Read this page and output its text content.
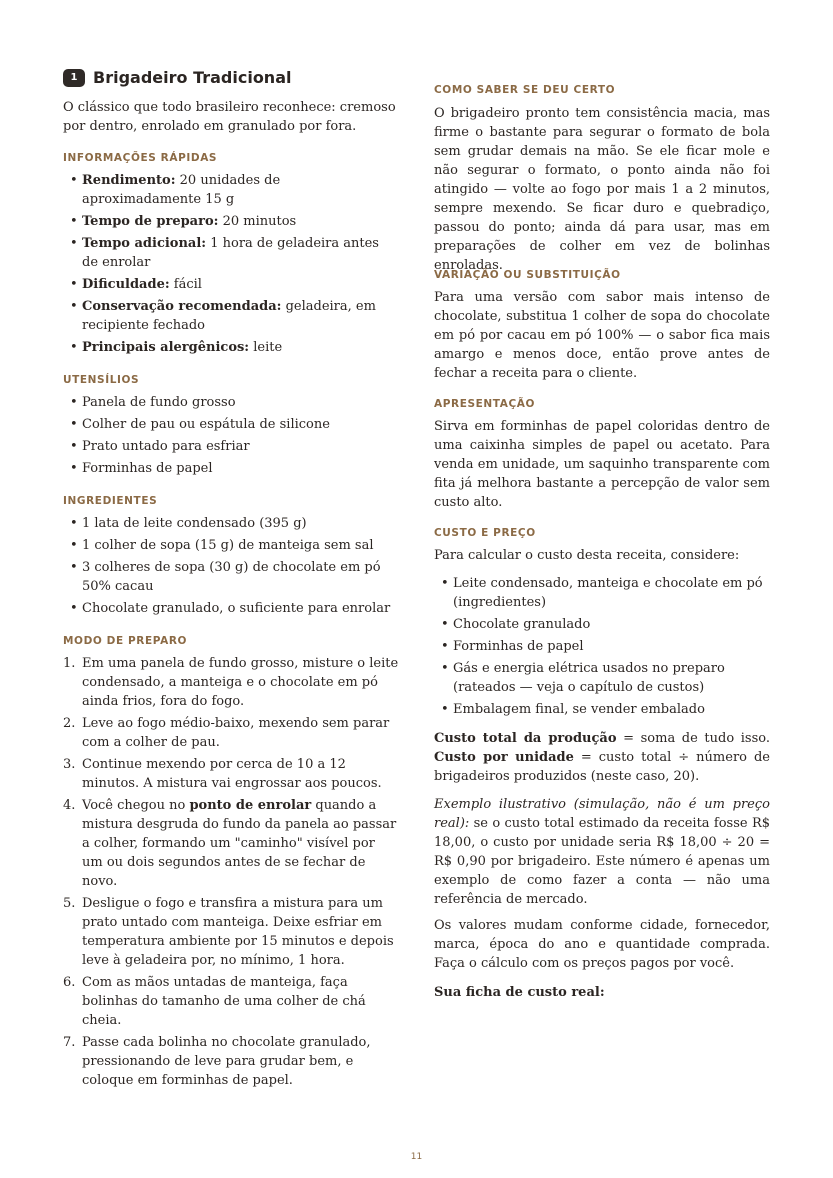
1 Brigadeiro Tradicional

O clássico que todo brasileiro reconhece: cremoso por dentro, enrolado em granulado por fora.

INFORMAÇÕES RÁPIDAS
• Rendimento: 20 unidades de aproximadamente 15 g
• Tempo de preparo: 20 minutos
• Tempo adicional: 1 hora de geladeira antes de enrolar
• Dificuldade: fácil
• Conservação recomendada: geladeira, em recipiente fechado
• Principais alergênicos: leite
UTENSÍLIOS
• Panela de fundo grosso
• Colher de pau ou espátula de silicone
• Prato untado para esfriar
• Forminhas de papel
INGREDIENTES
• 1 lata de leite condensado (395 g)
• 1 colher de sopa (15 g) de manteiga sem sal
• 3 colheres de sopa (30 g) de chocolate em pó 50% cacau
• Chocolate granulado, o suficiente para enrolar
MODO DE PREPARO
1. Em uma panela de fundo grosso, misture o leite condensado, a manteiga e o chocolate em pó ainda frios, fora do fogo.
2. Leve ao fogo médio-baixo, mexendo sem parar com a colher de pau.
3. Continue mexendo por cerca de 10 a 12 minutos. A mistura vai engrossar aos poucos.
4. Você chegou no ponto de enrolar quando a mistura desgruda do fundo da panela ao passar a colher, formando um "caminho" visível por um ou dois segundos antes de se fechar de novo.
5. Desligue o fogo e transfira a mistura para um prato untado com manteiga. Deixe esfriar em temperatura ambiente por 15 minutos e depois leve à geladeira por, no mínimo, 1 hora.
6. Com as mãos untadas de manteiga, faça bolinhas do tamanho de uma colher de chá cheia.
7. Passe cada bolinha no chocolate granulado, pressionando de leve para grudar bem, e coloque em forminhas de papel.
COMO SABER SE DEU CERTO

O brigadeiro pronto tem consistência macia, mas firme o bastante para segurar o formato de bola sem grudar demais na mão. Se ele ficar mole e não segurar o formato, o ponto ainda não foi atingido — volte ao fogo por mais 1 a 2 minutos, sempre mexendo. Se ficar duro e quebradiço, passou do ponto; ainda dá para usar, mas em preparações de colher em vez de bolinhas enroladas.

VARIAÇÃO OU SUBSTITUIÇÃO

Para uma versão com sabor mais intenso de chocolate, substitua 1 colher de sopa do chocolate em pó por cacau em pó 100% — o sabor fica mais amargo e menos doce, então prove antes de fechar a receita para o cliente.

APRESENTAÇÃO

Sirva em forminhas de papel coloridas dentro de uma caixinha simples de papel ou acetato. Para venda em unidade, um saquinho transparente com fita já melhora bastante a percepção de valor sem custo alto.

CUSTO E PREÇO

Para calcular o custo desta receita, considere:

• Leite condensado, manteiga e chocolate em pó (ingredientes)
• Chocolate granulado
• Forminhas de papel
• Gás e energia elétrica usados no preparo (rateados — veja o capítulo de custos)
• Embalagem final, se vender embalado

Custo total da produção = soma de tudo isso. Custo por unidade = custo total ÷ número de brigadeiros produzidos (neste caso, 20).

Exemplo ilustrativo (simulação, não é um preço real): se o custo total estimado da receita fosse R$ 18,00, o custo por unidade seria R$ 18,00 ÷ 20 = R$ 0,90 por brigadeiro. Este número é apenas um exemplo de como fazer a conta — não uma referência de mercado.

Os valores mudam conforme cidade, fornecedor, marca, época do ano e quantidade comprada. Faça o cálculo com os preços pagos por você.

Sua ficha de custo real:

11
